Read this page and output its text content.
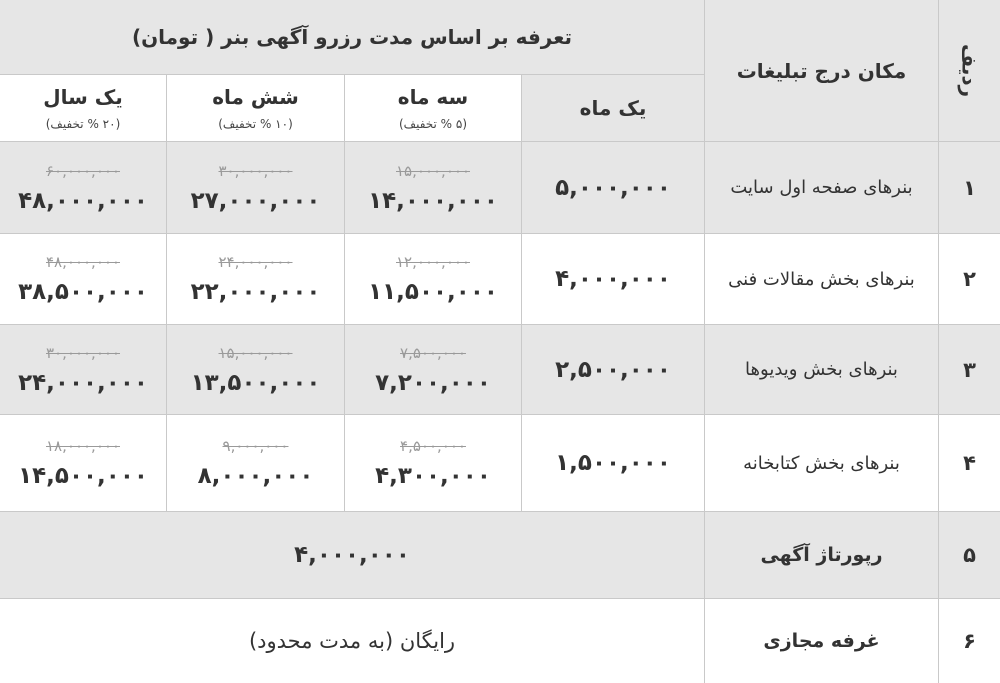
ردیف
مکان درج تبلیغات
تعرفه بر اساس مدت رزرو آگهی بنر ( تومان)
یک ماه
سه ماه
(۵ % تخفیف)
شش ماه
(۱۰ % تخفیف)
یک سال
(۲۰ % تخفیف)
۱
بنرهای صفحه اول سایت
۵,۰۰۰,۰۰۰
۱۵,۰۰۰,۰۰۰
۱۴,۰۰۰,۰۰۰
۳۰,۰۰۰,۰۰۰
۲۷,۰۰۰,۰۰۰
۶۰,۰۰۰,۰۰۰
۴۸,۰۰۰,۰۰۰
۲
بنرهای بخش مقالات فنی
۴,۰۰۰,۰۰۰
۱۲,۰۰۰,۰۰۰
۱۱,۵۰۰,۰۰۰
۲۴,۰۰۰,۰۰۰
۲۲,۰۰۰,۰۰۰
۴۸,۰۰۰,۰۰۰
۳۸,۵۰۰,۰۰۰
۳
بنرهای بخش ویدیوها
۲,۵۰۰,۰۰۰
۷,۵۰۰,۰۰۰
۷,۲۰۰,۰۰۰
۱۵,۰۰۰,۰۰۰
۱۳,۵۰۰,۰۰۰
۳۰,۰۰۰,۰۰۰
۲۴,۰۰۰,۰۰۰
۴
بنرهای بخش کتابخانه
۱,۵۰۰,۰۰۰
۴,۵۰۰,۰۰۰
۴,۳۰۰,۰۰۰
۹,۰۰۰,۰۰۰
۸,۰۰۰,۰۰۰
۱۸,۰۰۰,۰۰۰
۱۴,۵۰۰,۰۰۰
۵
رپورتاژ آگهی
۴,۰۰۰,۰۰۰
۶
غرفه مجازی
رایگان (به مدت محدود)
